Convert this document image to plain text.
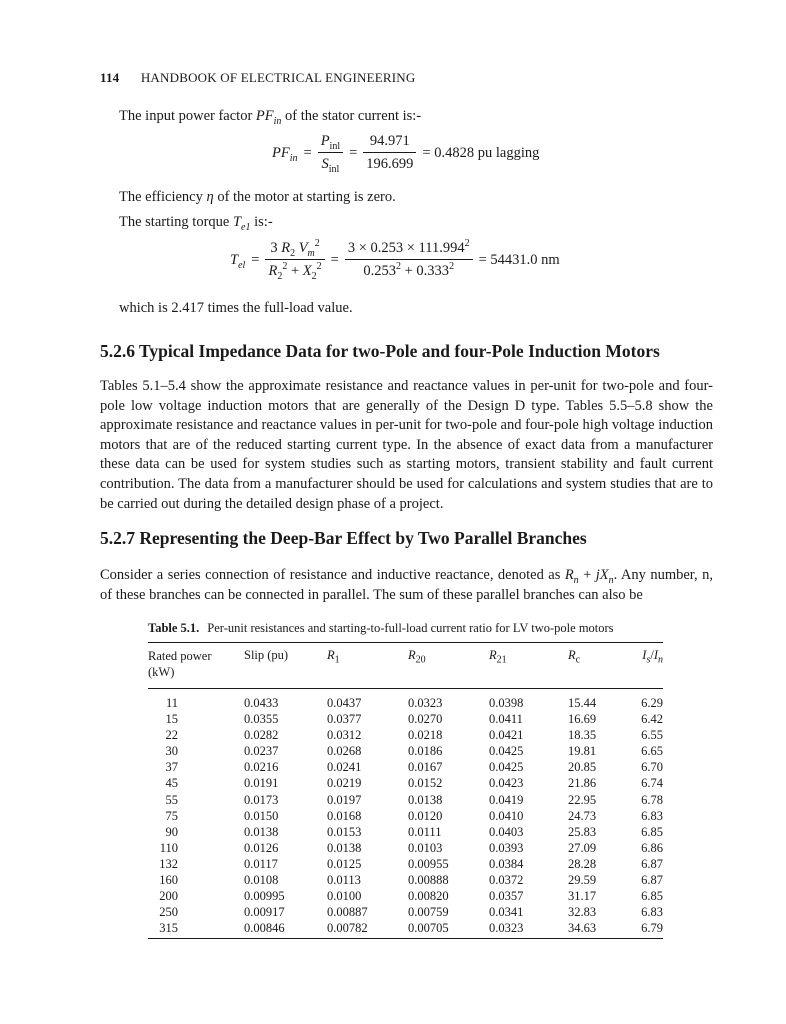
114 HANDBOOK OF ELECTRICAL ENGINEERING
The input power factor $PF_{in}$ of the stator current is:-
$PF_{in} = \frac{P_{inl}}{S_{inl}} = \frac{94.971}{196.699} = 0.4828$ pu lagging
The efficiency η of the motor at starting is zero.
The starting torque $T_{e1}$ is:-
$T_{el} = \frac{3 R_2 V_m^2}{R_2^2 + X_2^2} = \frac{3 \times 0.253 \times 111.994^2}{0.253^2 + 0.333^2} = 54431.0$ nm
which is 2.417 times the full-load value.
5.2.6 Typical Impedance Data for two-Pole and four-Pole Induction Motors
Tables 5.1–5.4 show the approximate resistance and reactance values in per-unit for two-pole and four-pole low voltage induction motors that are generally of the Design D type. Tables 5.5–5.8 show the approximate resistance and reactance values in per-unit for two-pole and four-pole high voltage induction motors that are of the reduced starting current type. In the absence of exact data from a manufacturer these data can be used for system studies such as starting motors, transient stability and fault current contribution. The data from a manufacturer should be used for calculations and system studies that are to be carried out during the detailed design phase of a project.
5.2.7 Representing the Deep-Bar Effect by Two Parallel Branches
Consider a series connection of resistance and inductive reactance, denoted as $R_n + jX_n$. Any number, n, of these branches can be connected in parallel. The sum of these parallel branches can also be
Table 5.1. Per-unit resistances and starting-to-full-load current ratio for LV two-pole motors
Rated power
(kW)	Slip (pu)	$R_1$	$R_{20}$	$R_{21}$	$R_c$	$I_s/I_n$

11	0.0433	0.0437	0.0323	0.0398	15.44	6.29
15	0.0355	0.0377	0.0270	0.0411	16.69	6.42
22	0.0282	0.0312	0.0218	0.0421	18.35	6.55
30	0.0237	0.0268	0.0186	0.0425	19.81	6.65
37	0.0216	0.0241	0.0167	0.0425	20.85	6.70
45	0.0191	0.0219	0.0152	0.0423	21.86	6.74
55	0.0173	0.0197	0.0138	0.0419	22.95	6.78
75	0.0150	0.0168	0.0120	0.0410	24.73	6.83
90	0.0138	0.0153	0.0111	0.0403	25.83	6.85
110	0.0126	0.0138	0.0103	0.0393	27.09	6.86
132	0.0117	0.0125	0.00955	0.0384	28.28	6.87
160	0.0108	0.0113	0.00888	0.0372	29.59	6.87
200	0.00995	0.0100	0.00820	0.0357	31.17	6.85
250	0.00917	0.00887	0.00759	0.0341	32.83	6.83
315	0.00846	0.00782	0.00705	0.0323	34.63	6.79
